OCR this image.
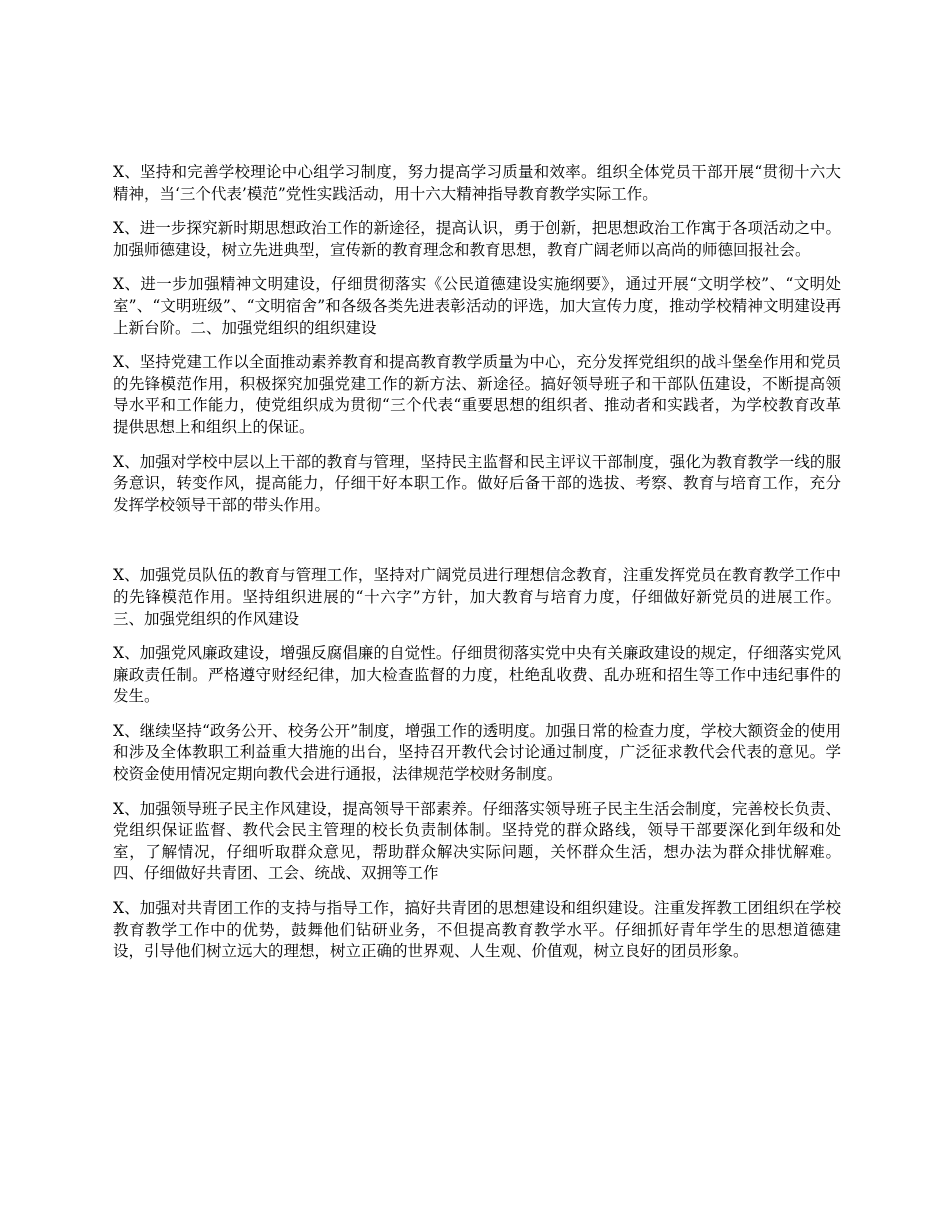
X、坚持和完善学校理论中心组学习制度，努力提高学习质量和效率。组织全体党员干部开展“贯彻十六大精神，当‘三个代表’模范”党性实践活动，用十六大精神指导教育教学实际工作。

X、进一步探究新时期思想政治工作的新途径，提高认识，勇于创新，把思想政治工作寓于各项活动之中。加强师德建设，树立先进典型，宣传新的教育理念和教育思想，教育广阔老师以高尚的师德回报社会。

X、进一步加强精神文明建设，仔细贯彻落实《公民道德建设实施纲要》，通过开展“文明学校”、“文明处室”、“文明班级”、“文明宿舍”和各级各类先进表彰活动的评选，加大宣传力度，推动学校精神文明建设再上新台阶。二、加强党组织的组织建设

X、坚持党建工作以全面推动素养教育和提高教育教学质量为中心，充分发挥党组织的战斗堡垒作用和党员的先锋模范作用，积极探究加强党建工作的新方法、新途径。搞好领导班子和干部队伍建设，不断提高领导水平和工作能力，使党组织成为贯彻“三个代表“重要思想的组织者、推动者和实践者，为学校教育改革提供思想上和组织上的保证。

X、加强对学校中层以上干部的教育与管理，坚持民主监督和民主评议干部制度，强化为教育教学一线的服务意识，转变作风，提高能力，仔细干好本职工作。做好后备干部的选拔、考察、教育与培育工作，充分发挥学校领导干部的带头作用。

X、加强党员队伍的教育与管理工作，坚持对广阔党员进行理想信念教育，注重发挥党员在教育教学工作中的先锋模范作用。坚持组织进展的“十六字”方针，加大教育与培育力度，仔细做好新党员的进展工作。三、加强党组织的作风建设

X、加强党风廉政建设，增强反腐倡廉的自觉性。仔细贯彻落实党中央有关廉政建设的规定，仔细落实党风廉政责任制。严格遵守财经纪律，加大检查监督的力度，杜绝乱收费、乱办班和招生等工作中违纪事件的发生。

X、继续坚持“政务公开、校务公开”制度，增强工作的透明度。加强日常的检查力度，学校大额资金的使用和涉及全体教职工利益重大措施的出台，坚持召开教代会讨论通过制度，广泛征求教代会代表的意见。学校资金使用情况定期向教代会进行通报，法律规范学校财务制度。

X、加强领导班子民主作风建设，提高领导干部素养。仔细落实领导班子民主生活会制度，完善校长负责、党组织保证监督、教代会民主管理的校长负责制体制。坚持党的群众路线，领导干部要深化到年级和处室，了解情况，仔细听取群众意见，帮助群众解决实际问题，关怀群众生活，想办法为群众排忧解难。四、仔细做好共青团、工会、统战、双拥等工作

X、加强对共青团工作的支持与指导工作，搞好共青团的思想建设和组织建设。注重发挥教工团组织在学校教育教学工作中的优势，鼓舞他们钻研业务，不但提高教育教学水平。仔细抓好青年学生的思想道德建设，引导他们树立远大的理想，树立正确的世界观、人生观、价值观，树立良好的团员形象。
